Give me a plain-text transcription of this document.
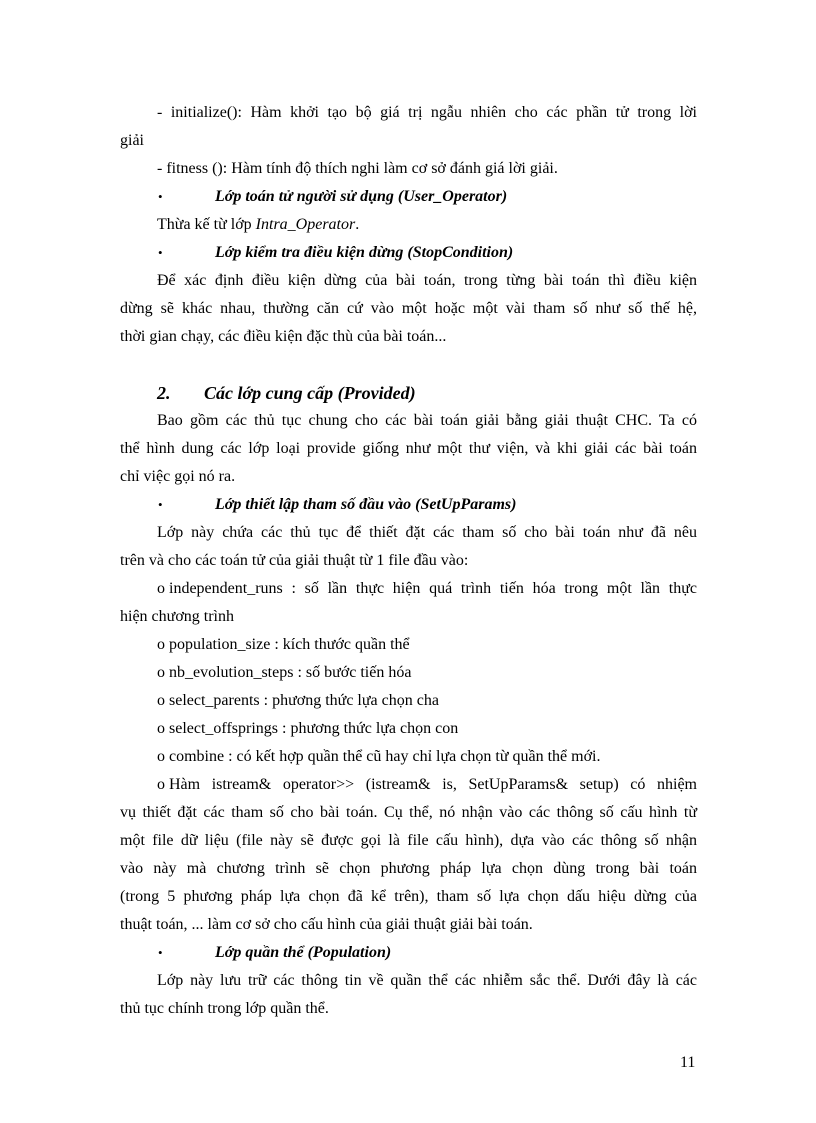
- initialize(): Hàm khởi tạo bộ giá trị ngẫu nhiên cho các phần tử trong lời
giải
- fitness (): Hàm tính độ thích nghi làm cơ sở đánh giá lời giải.
•	Lớp toán tử người sử dụng (User_Operator)
Thừa kế từ lớp Intra_Operator.
•	Lớp kiểm tra điều kiện dừng (StopCondition)
Để xác định điều kiện dừng của bài toán, trong từng bài toán thì điều kiện
dừng sẽ khác nhau, thường căn cứ vào một hoặc một vài tham số như số thế hệ,
thời gian chạy, các điều kiện đặc thù của bài toán...
2. Các lớp cung cấp (Provided)
Bao gồm các thủ tục chung cho các bài toán giải bằng giải thuật CHC. Ta có
thể hình dung các lớp loại provide giống như một thư viện, và khi giải các bài toán
chỉ việc gọi nó ra.
•	Lớp thiết lập tham số đầu vào (SetUpParams)
Lớp này chứa các thủ tục để thiết đặt các tham số cho bài toán như đã nêu
trên và cho các toán tử của giải thuật từ 1 file đầu vào:
o independent_runs : số lần thực hiện quá trình tiến hóa trong một lần thực
hiện chương trình
o population_size : kích thước quần thể
o nb_evolution_steps : số bước tiến hóa
o select_parents : phương thức lựa chọn cha
o select_offsprings : phương thức lựa chọn con
o combine : có kết hợp quần thể cũ hay chỉ lựa chọn từ quần thể mới.
o Hàm istream& operator>> (istream& is, SetUpParams& setup) có nhiệm
vụ thiết đặt các tham số cho bài toán. Cụ thể, nó nhận vào các thông số cấu hình từ
một file dữ liệu (file này sẽ được gọi là file cấu hình), dựa vào các thông số nhận
vào này mà chương trình sẽ chọn phương pháp lựa chọn dùng trong bài toán
(trong 5 phương pháp lựa chọn đã kể trên), tham số lựa chọn dấu hiệu dừng của
thuật toán, ... làm cơ sở cho cấu hình của giải thuật giải bài toán.
•	Lớp quần thể (Population)
Lớp này lưu trữ các thông tin về quần thể các nhiễm sắc thể. Dưới đây là các
thủ tục chính trong lớp quần thể.
11
